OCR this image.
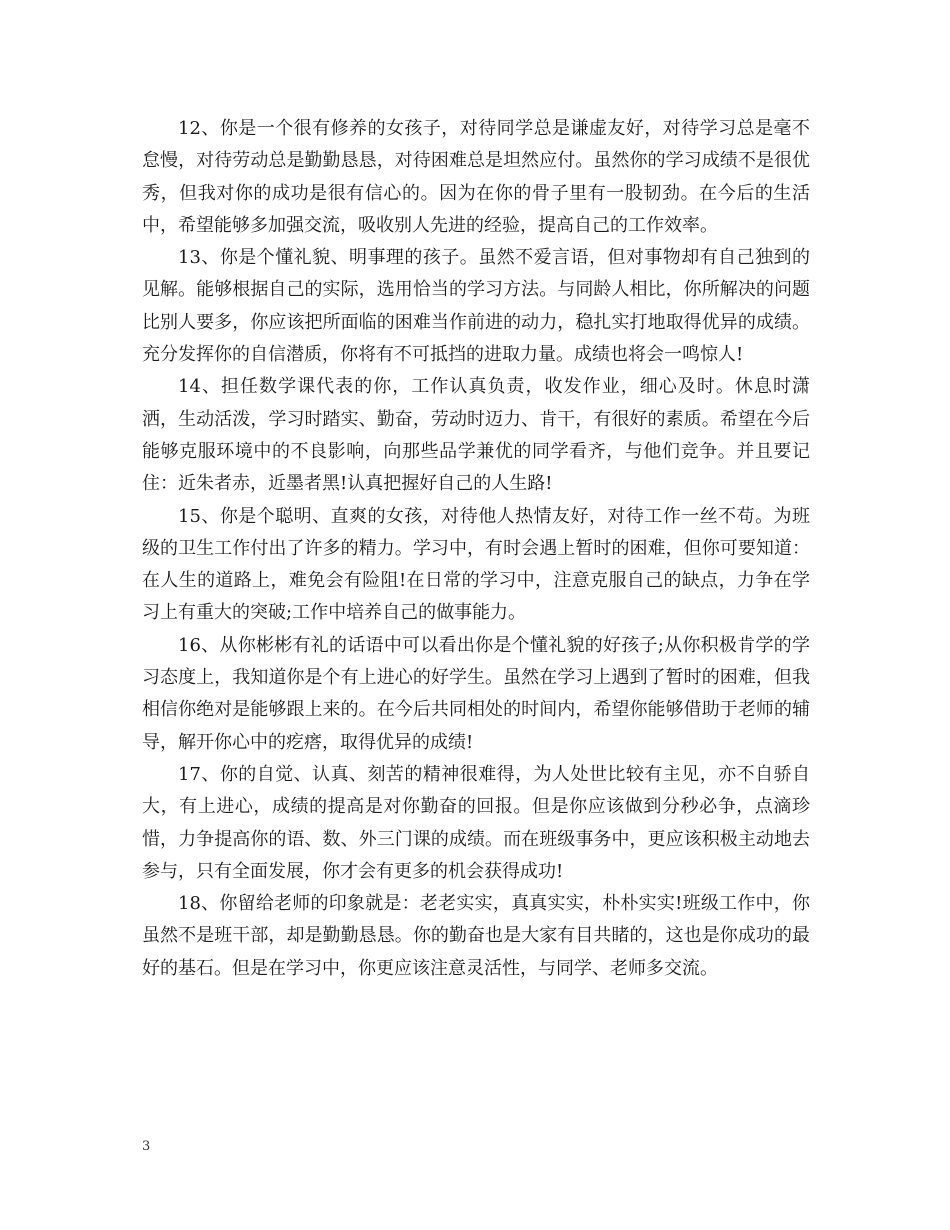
12、你是一个很有修养的女孩子，对待同学总是谦虚友好，对待学习总是毫不怠慢，对待劳动总是勤勤恳恳，对待困难总是坦然应付。虽然你的学习成绩不是很优秀，但我对你的成功是很有信心的。因为在你的骨子里有一股韧劲。在今后的生活中，希望能够多加强交流，吸收别人先进的经验，提高自己的工作效率。

13、你是个懂礼貌、明事理的孩子。虽然不爱言语，但对事物却有自己独到的见解。能够根据自己的实际，选用恰当的学习方法。与同龄人相比，你所解决的问题比别人要多，你应该把所面临的困难当作前进的动力，稳扎实打地取得优异的成绩。充分发挥你的自信潜质，你将有不可抵挡的进取力量。成绩也将会一鸣惊人!

14、担任数学课代表的你，工作认真负责，收发作业，细心及时。休息时潇洒，生动活泼，学习时踏实、勤奋，劳动时迈力、肯干，有很好的素质。希望在今后能够克服环境中的不良影响，向那些品学兼优的同学看齐，与他们竞争。并且要记住：近朱者赤，近墨者黑!认真把握好自己的人生路!

15、你是个聪明、直爽的女孩，对待他人热情友好，对待工作一丝不苟。为班级的卫生工作付出了许多的精力。学习中，有时会遇上暂时的困难，但你可要知道：在人生的道路上，难免会有险阻!在日常的学习中，注意克服自己的缺点，力争在学习上有重大的突破;工作中培养自己的做事能力。

16、从你彬彬有礼的话语中可以看出你是个懂礼貌的好孩子;从你积极肯学的学习态度上，我知道你是个有上进心的好学生。虽然在学习上遇到了暂时的困难，但我相信你绝对是能够跟上来的。在今后共同相处的时间内，希望你能够借助于老师的辅导，解开你心中的疙瘩，取得优异的成绩!

17、你的自觉、认真、刻苦的精神很难得，为人处世比较有主见，亦不自骄自大，有上进心，成绩的提高是对你勤奋的回报。但是你应该做到分秒必争，点滴珍惜，力争提高你的语、数、外三门课的成绩。而在班级事务中，更应该积极主动地去参与，只有全面发展，你才会有更多的机会获得成功!

18、你留给老师的印象就是：老老实实，真真实实，朴朴实实!班级工作中，你虽然不是班干部，却是勤勤恳恳。你的勤奋也是大家有目共睹的，这也是你成功的最好的基石。但是在学习中，你更应该注意灵活性，与同学、老师多交流。

3
